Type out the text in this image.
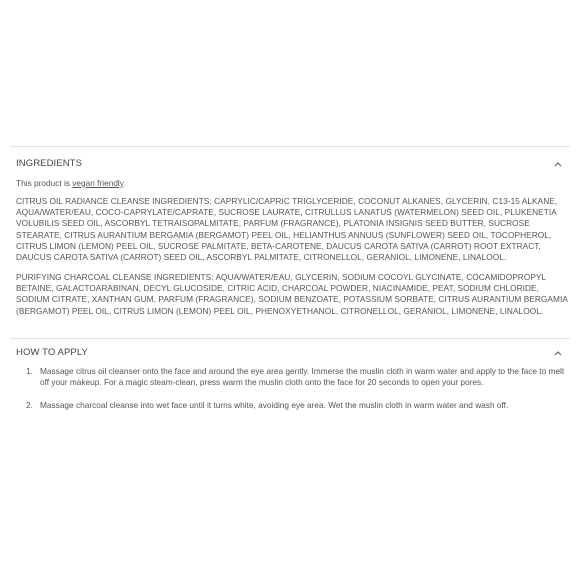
INGREDIENTS
This product is vegan friendly.
CITRUS OIL RADIANCE CLEANSE INGREDIENTS: CAPRYLIC/CAPRIC TRIGLYCERIDE, COCONUT ALKANES, GLYCERIN, C13-15 ALKANE, AQUA/WATER/EAU, COCO-CAPRYLATE/CAPRATE, SUCROSE LAURATE, CITRULLUS LANATUS (WATERMELON) SEED OIL, PLUKENETIA VOLUBILIS SEED OIL, ASCORBYL TETRAISOPALMITATE, PARFUM (FRAGRANCE), PLATONIA INSIGNIS SEED BUTTER, SUCROSE STEARATE, CITRUS AURANTIUM BERGAMIA (BERGAMOT) PEEL OIL, HELIANTHUS ANNUUS (SUNFLOWER) SEED OIL, TOCOPHEROL, CITRUS LIMON (LEMON) PEEL OIL, SUCROSE PALMITATE, BETA-CAROTENE, DAUCUS CAROTA SATIVA (CARROT) ROOT EXTRACT, DAUCUS CAROTA SATIVA (CARROT) SEED OIL, ASCORBYL PALMITATE, CITRONELLOL, GERANIOL, LIMONENE, LINALOOL.
PURIFYING CHARCOAL CLEANSE INGREDIENTS: AQUA/WATER/EAU, GLYCERIN, SODIUM COCOYL GLYCINATE, COCAMIDOPROPYL BETAINE, GALACTOARABINAN, DECYL GLUCOSIDE, CITRIC ACID, CHARCOAL POWDER, NIACINAMIDE, PEAT, SODIUM CHLORIDE, SODIUM CITRATE, XANTHAN GUM, PARFUM (FRAGRANCE), SODIUM BENZOATE, POTASSIUM SORBATE, CITRUS AURANTIUM BERGAMIA (BERGAMOT) PEEL OIL, CITRUS LIMON (LEMON) PEEL OIL, PHENOXYETHANOL, CITRONELLOL, GERANIOL, LIMONENE, LINALOOL.
HOW TO APPLY
1. Massage citrus oil cleanser onto the face and around the eye area gently. Immerse the muslin cloth in warm water and apply to the face to melt off your makeup. For a magic steam-clean, press warm the muslin cloth onto the face for 20 seconds to open your pores.
2. Massage charcoal cleanse into wet face until it turns white, avoiding eye area. Wet the muslin cloth in warm water and wash off.
